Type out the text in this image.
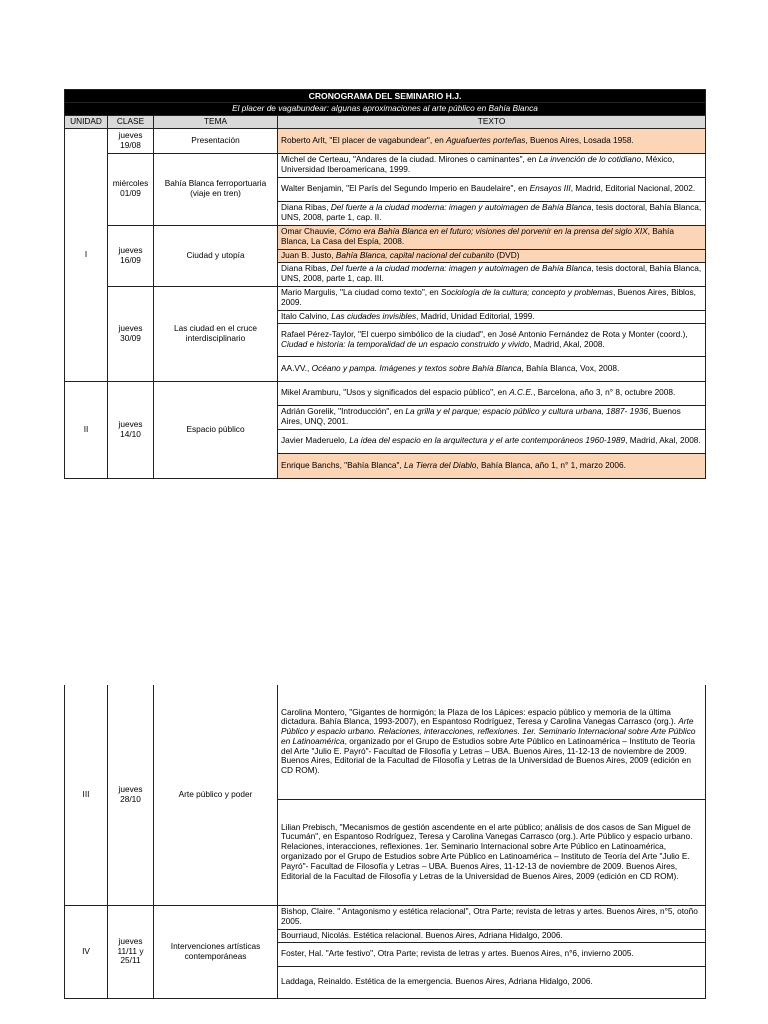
CRONOGRAMA DEL SEMINARIO H.J.			
El placer de vagabundear: algunas aproximaciones al arte público en Bahía Blanca			
UNIDAD	CLASE	TEMA	TEXTO
I	jueves 19/08	Presentación	Roberto Arlt, "El placer de vagabundear", en Aguafuertes porteñas, Buenos Aires, Losada 1958.
	miércoles 01/09	Bahía Blanca ferroportuaria (viaje en tren)	Michel de Certeau, "Andares de la ciudad. Mirones o caminantes", en La invención de lo cotidiano, México, Universidad Iberoamericana, 1999.
			Walter Benjamin, "El París del Segundo Imperio en Baudelaire", en Ensayos III, Madrid, Editorial Nacional, 2002.
			Diana Ribas, Del fuerte a la ciudad moderna: imagen y autoimagen de Bahía Blanca, tesis doctoral, Bahía Blanca, UNS, 2008, parte 1, cap. II.
	jueves 16/09	Ciudad y utopía	Omar Chauvie, Cómo era Bahía Blanca en el futuro; visiones del porvenir en la prensa del siglo XIX, Bahía Blanca, La Casa del Espía, 2008.
			Juan B. Justo, Bahía Blanca, capital nacional del cubanito (DVD)
			Diana Ribas, Del fuerte a la ciudad moderna: imagen y autoimagen de Bahía Blanca, tesis doctoral, Bahía Blanca, UNS, 2008, parte 1, cap. III.
	jueves 30/09	Las ciudad en el cruce interdisciplinario	Mario Margulis, "La ciudad como texto", en Sociología de la cultura; concepto y problemas, Buenos Aires, Biblos, 2009.
			Italo Calvino, Las ciudades invisibles, Madrid, Unidad Editorial, 1999.
			Rafael Pérez-Taylor, "El cuerpo simbólico de la ciudad", en José Antonio Fernández de Rota y Monter (coord.), Ciudad e historia: la temporalidad de un espacio construido y vivido, Madrid, Akal, 2008.
			AA.VV., Océano y pampa. Imágenes y textos sobre Bahía Blanca, Bahía Blanca, Vox, 2008.
II	jueves 14/10	Espacio público	Mikel Aramburu, "Usos y significados del espacio público", en A.C.E., Barcelona, año 3, n° 8, octubre 2008.
			Adrián Gorelik, "Introducción", en La grilla y el parque; espacio público y cultura urbana, 1887- 1936, Buenos Aires, UNQ, 2001.
			Javier Maderuelo, La idea del espacio en la arquitectura y el arte contemporáneos 1960-1989, Madrid, Akal, 2008.
			Enrique Banchs, "Bahía Blanca", La Tierra del Diablo, Bahía Blanca, año 1, n° 1, marzo 2006.
III	jueves 28/10	Arte público y poder	Carolina Montero, "Gigantes de hormigón; la Plaza de los Lápices: espacio público y memoria de la última dictadura. Bahía Blanca, 1993-2007), en Espantoso Rodríguez, Teresa y Carolina Vanegas Carrasco (org.). Arte Público y espacio urbano. Relaciones, interacciones, reflexiones. 1er. Seminario Internacional sobre Arte Público en Latinoamérica, organizado por el Grupo de Estudios sobre Arte Público en Latinoamérica – Instituto de Teoría del Arte "Julio E. Payró"- Facultad de Filosofía y Letras – UBA. Buenos Aires, 11-12-13 de noviembre de 2009. Buenos Aires, Editorial de la Facultad de Filosofía y Letras de la Universidad de Buenos Aires, 2009 (edición en CD ROM).
			Lilian Prebisch, "Mecanismos de gestión ascendente en el arte público; análisis de dos casos de San Miguel de Tucumán", en Espantoso Rodríguez, Teresa y Carolina Vanegas Carrasco (org.). Arte Público y espacio urbano. Relaciones, interacciones, reflexiones. 1er. Seminario Internacional sobre Arte Público en Latinoamérica, organizado por el Grupo de Estudios sobre Arte Público en Latinoamérica – Instituto de Teoría del Arte "Julio E. Payró"- Facultad de Filosofía y Letras – UBA. Buenos Aires, 11-12-13 de noviembre de 2009. Buenos Aires, Editorial de la Facultad de Filosofía y Letras de la Universidad de Buenos Aires, 2009 (edición en CD ROM).
IV	jueves 11/11 y 25/11	Intervenciones artísticas contemporáneas	Bishop, Claire. " Antagonismo y estética relacional", Otra Parte; revista de letras y artes. Buenos Aires, n°5, otoño 2005.
			Bourriaud, Nicolás. Estética relacional. Buenos Aires, Adriana Hidalgo, 2006.
			Foster, Hal. "Arte festivo", Otra Parte; revista de letras y artes. Buenos Aires, n°6, invierno 2005.
			Laddaga, Reinaldo. Estética de la emergencia. Buenos Aires, Adriana Hidalgo, 2006.
